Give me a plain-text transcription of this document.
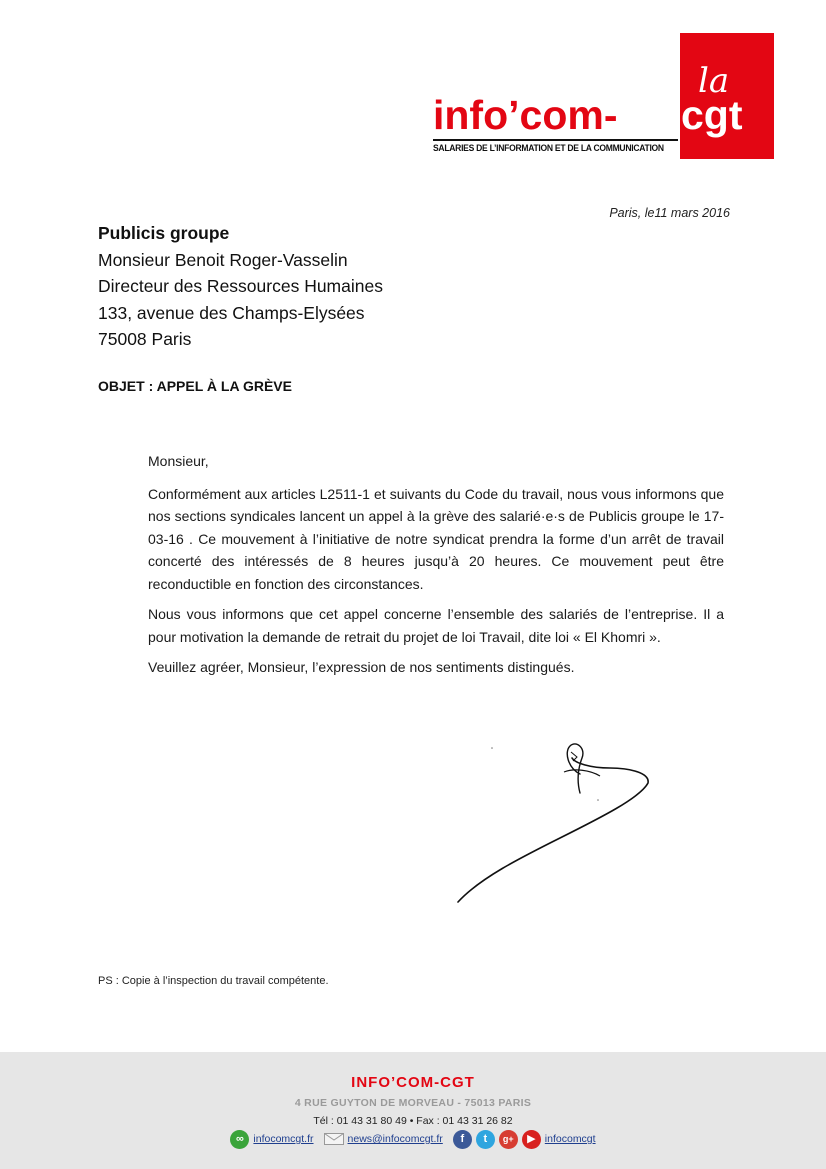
la
info’com- cgt
SALARIES DE L’INFORMATION ET DE LA COMMUNICATION
Paris, le11 mars 2016
Publicis groupe
Monsieur Benoit Roger-Vasselin
Directeur des Ressources Humaines
133, avenue des Champs-Elysées
75008 Paris
OBJET : APPEL À LA GRÈVE

Monsieur,

Conformément aux articles L2511-1 et suivants du Code du travail, nous vous informons que nos sections syndicales lancent un appel à la grève des salarié·e·s de Publicis groupe le 17-03-16 . Ce mouvement à l’initiative de notre syndicat prendra la forme d’un arrêt de travail concerté des intéressés de 8 heures jusqu’à 20 heures. Ce mouvement peut être reconductible en fonction des circonstances.

Nous vous informons que cet appel concerne l’ensemble des salariés de l’entreprise. Il a pour motivation la demande de retrait du projet de loi Travail, dite loi « El Khomri ».

Veuillez agréer, Monsieur, l’expression de nos sentiments distingués.

PS : Copie à l’inspection du travail compétente.
INFO’COM-CGT
4 RUE GUYTON DE MORVEAU - 75013 PARIS
Tél : 01 43 31 80 49 • Fax : 01 43 31 26 82
∞ infocomcgt.fr	news@infocomcgt.fr	f	t	g+	▶ infocomcgt
